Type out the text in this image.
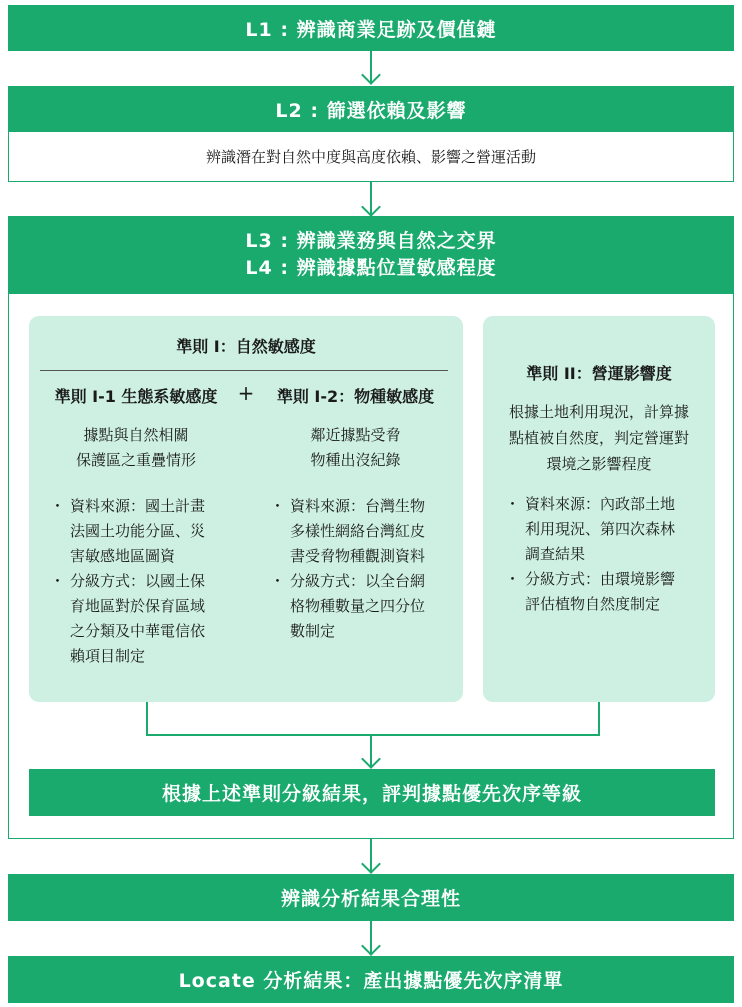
L1 : 辨識商業足跡及價值鏈
L2 : 篩選依賴及影響
辨識潛在對自然中度與高度依賴、影響之營運活動
L3 : 辨識業務與自然之交界
L4 : 辨識據點位置敏感程度
準則 I：自然敏感度
準則 I-1 生態系敏感度	+	準則 I-2：物種敏感度
據點與自然相關
保護區之重疊情形
鄰近據點受脅
物種出沒紀錄
・ 資料來源：國土計畫
法國土功能分區、災
害敏感地區圖資
・ 分級方式：以國土保
育地區對於保育區域
之分類及中華電信依
賴項目制定
・ 資料來源：台灣生物
多樣性網絡台灣紅皮
書受脅物種觀測資料
・ 分級方式：以全台網
格物種數量之四分位
數制定
準則 II：營運影響度
根據土地利用現況，計算據
點植被自然度，判定營運對
環境之影響程度
・ 資料來源：內政部土地
利用現況、第四次森林
調查結果
・ 分級方式：由環境影響
評估植物自然度制定
根據上述準則分級結果，評判據點優先次序等級
辨識分析結果合理性
Locate 分析結果：產出據點優先次序清單
